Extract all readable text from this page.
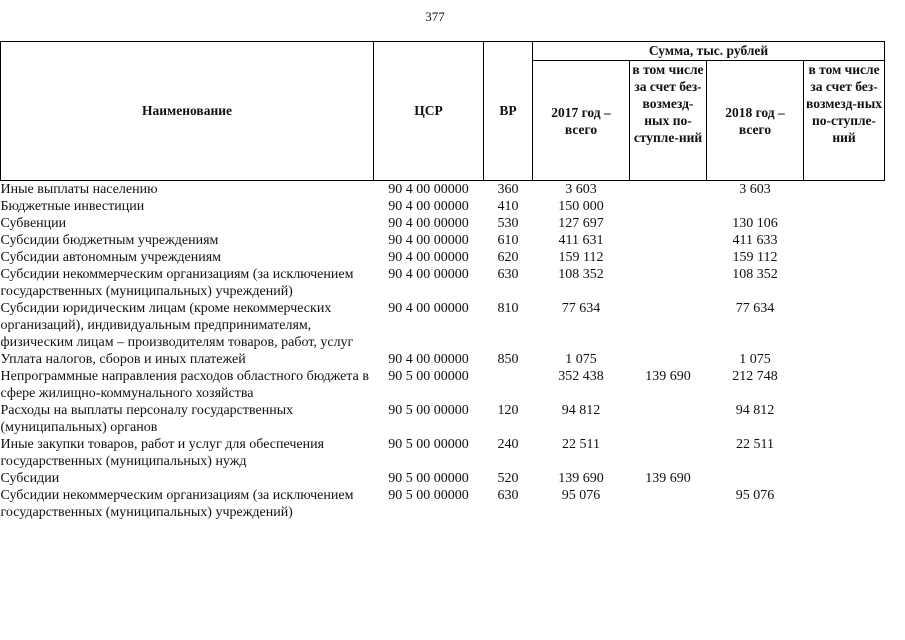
377
Наименование	ЦСР	ВР	Сумма, тыс. рублей			
			2017 год – всего	в том числе за счет без-возмезд-ных по-ступле-ний	2018 год – всего	в том числе за счет без-возмезд-ных по-ступле-ний
Иные выплаты населению	90 4 00 00000	360	3 603		3 603	
Бюджетные инвестиции	90 4 00 00000	410	150 000			
Субвенции	90 4 00 00000	530	127 697		130 106	
Субсидии бюджетным учреждениям	90 4 00 00000	610	411 631		411 633	
Субсидии автономным учреждениям	90 4 00 00000	620	159 112		159 112	
Субсидии некоммерческим организациям (за исключением государственных (муниципальных) учреждений)	90 4 00 00000	630	108 352		108 352	
Субсидии юридическим лицам (кроме некоммерческих организаций), индивидуальным предпринимателям, физическим лицам – производителям товаров, работ, услуг	90 4 00 00000	810	77 634		77 634	
Уплата налогов, сборов и иных платежей	90 4 00 00000	850	1 075		1 075	
Непрограммные направления расходов областного бюджета в сфере жилищно-коммунального хозяйства	90 5 00 00000		352 438	139 690	212 748	
Расходы на выплаты персоналу государственных (муниципальных) органов	90 5 00 00000	120	94 812		94 812	
Иные закупки товаров, работ и услуг для обеспечения государственных (муниципальных) нужд	90 5 00 00000	240	22 511		22 511	
Субсидии	90 5 00 00000	520	139 690	139 690		
Субсидии некоммерческим организациям (за исключением государственных (муниципальных) учреждений)	90 5 00 00000	630	95 076		95 076	
